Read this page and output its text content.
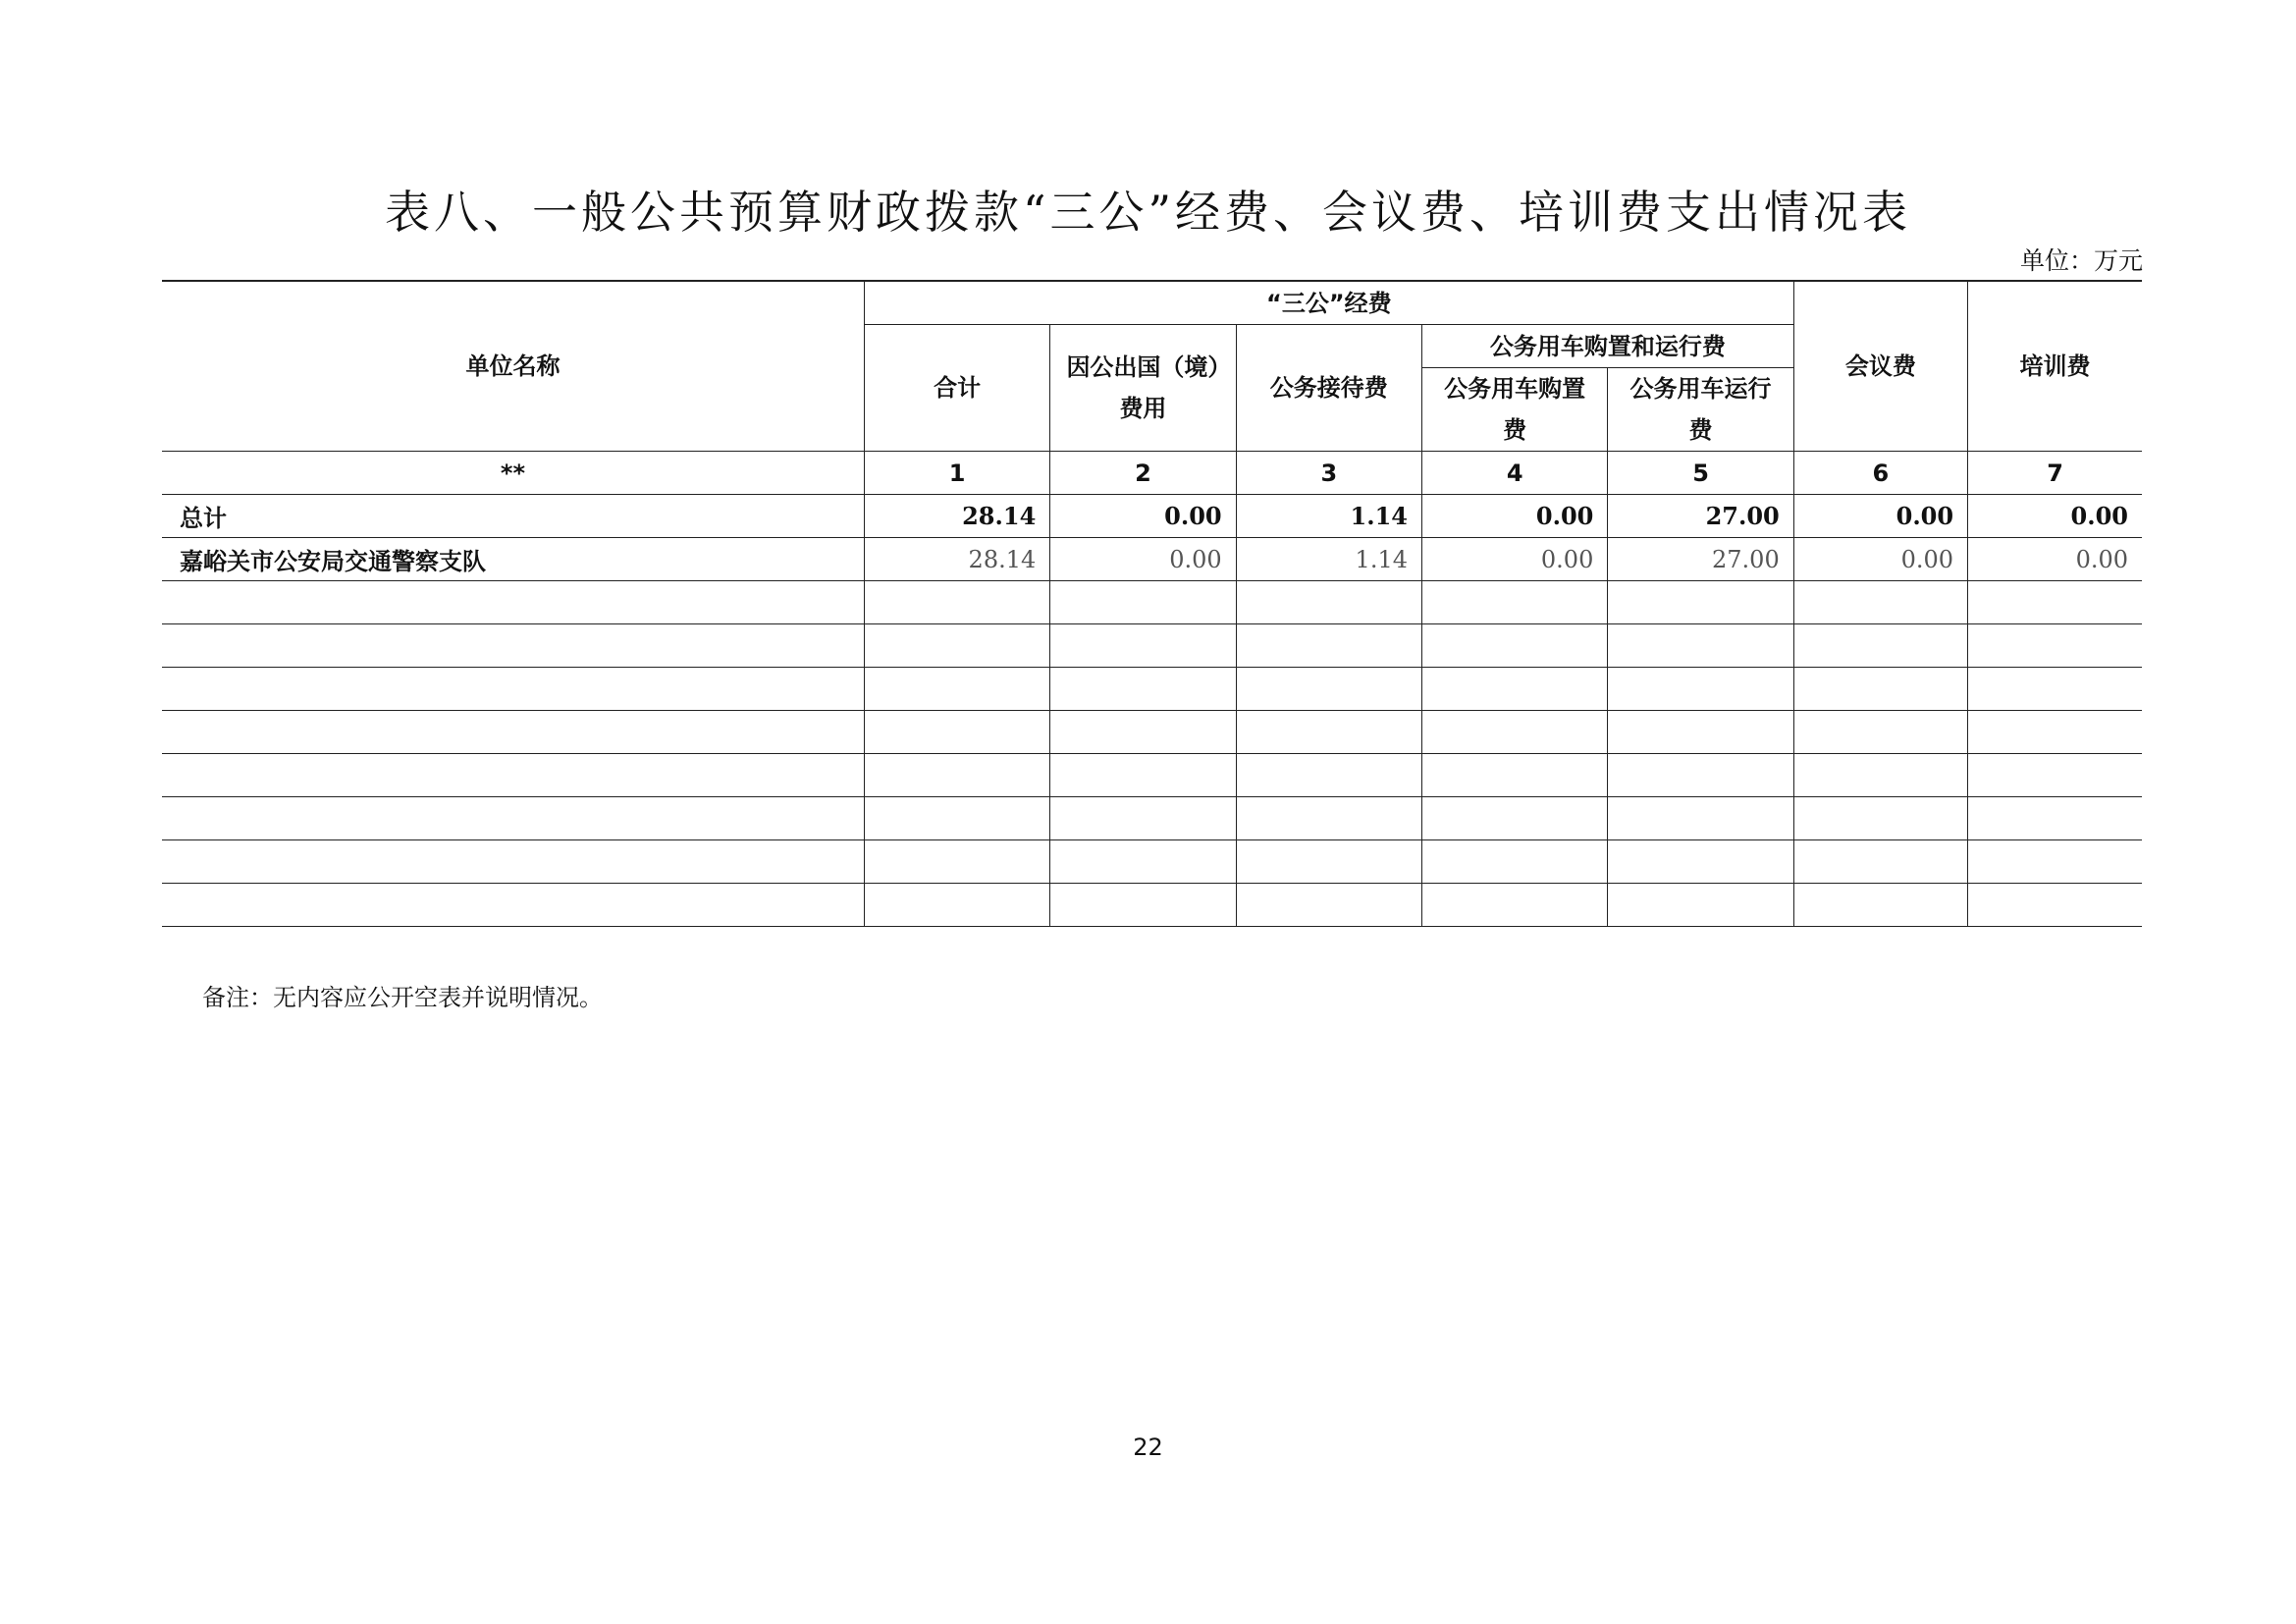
表八、一般公共预算财政拨款“三公”经费、会议费、培训费支出情况表
单位：万元
单位名称	“三公”经费					会议费	培训费
	合计	因公出国（境）费用	公务接待费	公务用车购置和运行费			
				公务用车购置费	公务用车运行费		

**	1	2	3	4	5	6	7
总计	28.14	0.00	1.14	0.00	27.00	0.00	0.00
嘉峪关市公安局交通警察支队	28.14	0.00	1.14	0.00	27.00	0.00	0.00

备注：无内容应公开空表并说明情况。
22
